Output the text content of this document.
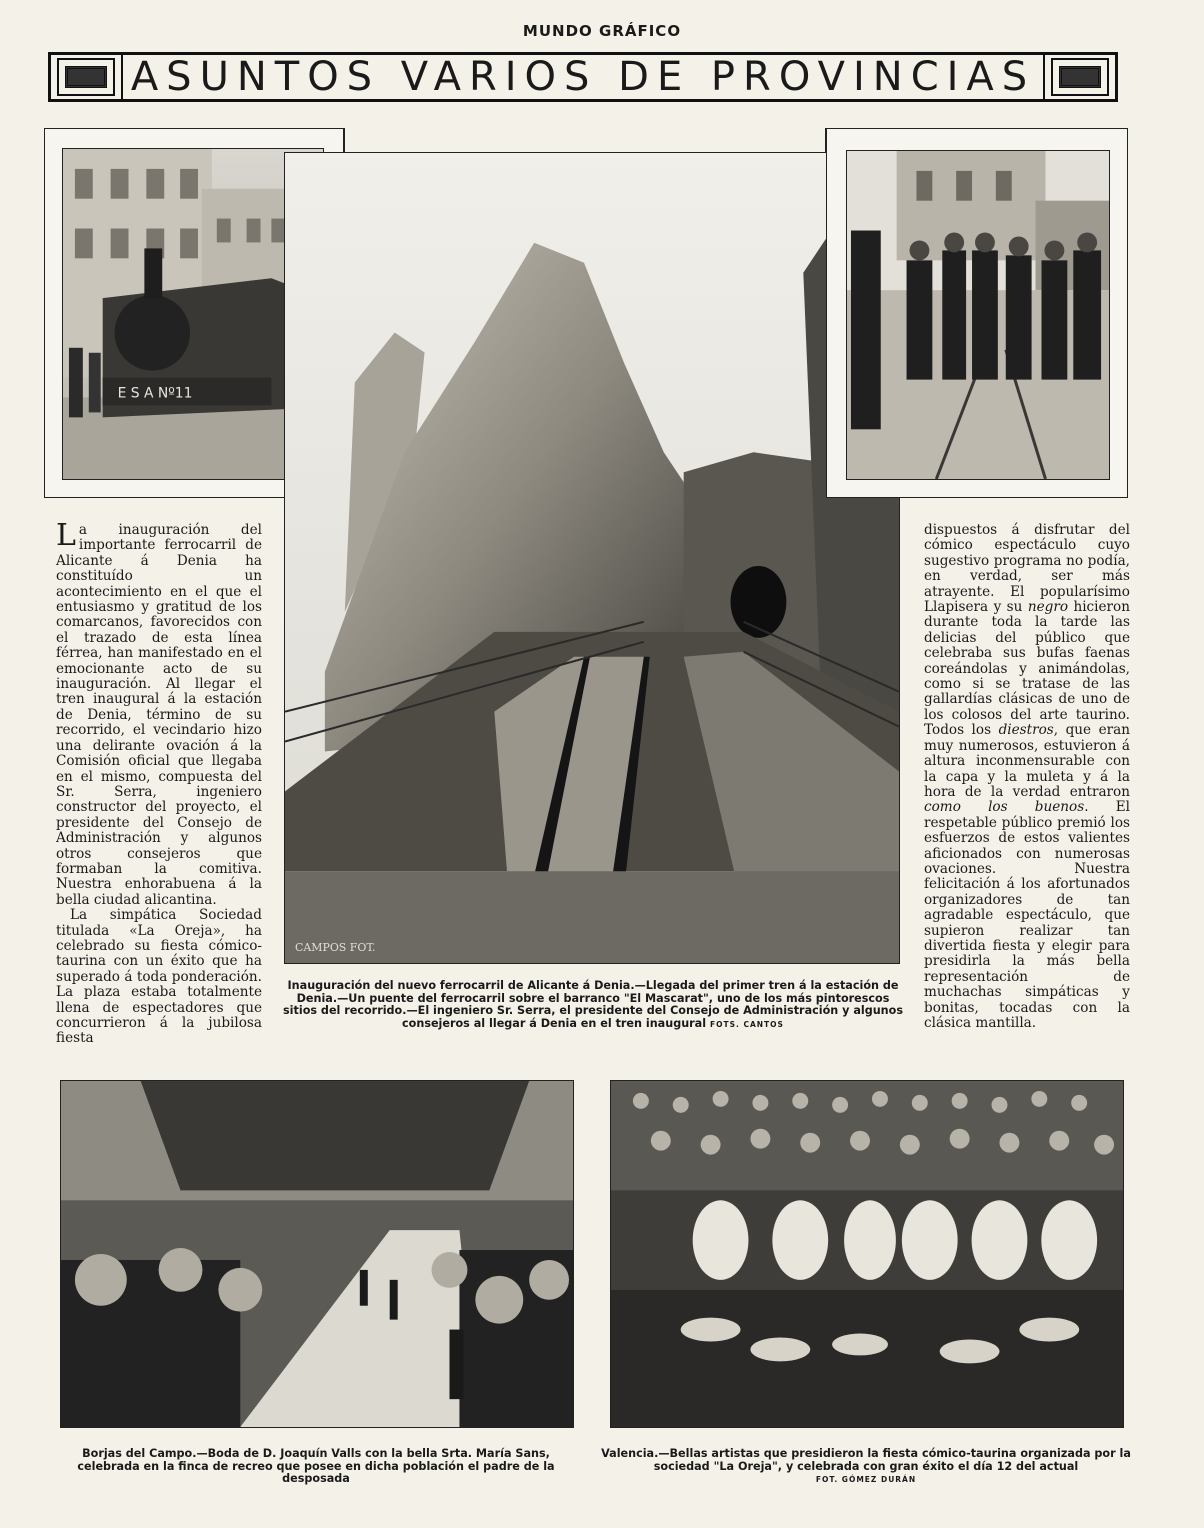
MUNDO GRÁFICO
ASUNTOS VARIOS DE PROVINCIAS
E S A Nº11
CAMPOS FOT.

La inauguración del importante ferrocarril de Alicante á Denia ha constituído un acontecimiento en el que el entusiasmo y gratitud de los comarcanos, favorecidos con el trazado de esta línea férrea, han manifestado en el emocionante acto de su inauguración. Al llegar el tren inaugural á la estación de Denia, término de su recorrido, el vecindario hizo una delirante ovación á la Comisión oficial que llegaba en el mismo, compuesta del Sr. Serra, ingeniero constructor del proyecto, el presidente del Consejo de Administración y algunos otros consejeros que formaban la comitiva. Nuestra enhorabuena á la bella ciudad alicantina.

La simpática Sociedad titulada «La Oreja», ha celebrado su fiesta cómico-taurina con un éxito que ha superado á toda ponderación. La plaza estaba totalmente llena de espectadores que concurrieron á la jubilosa fiesta

dispuestos á disfrutar del cómico espectáculo cuyo sugestivo programa no podía, en verdad, ser más atrayente. El popularísimo Llapisera y su negro hicieron durante toda la tarde las delicias del público que celebraba sus bufas faenas coreándolas y animándolas, como si se tratase de las gallardías clásicas de uno de los colosos del arte taurino. Todos los diestros, que eran muy numerosos, estuvieron á altura inconmensurable con la capa y la muleta y á la hora de la verdad entraron como los buenos. El respetable público premió los esfuerzos de estos valientes aficionados con numerosas ovaciones. Nuestra felicitación á los afortunados organizadores de tan agradable espectáculo, que supieron realizar tan divertida fiesta y elegir para presidirla la más bella representación de muchachas simpáticas y bonitas, tocadas con la clásica mantilla.

Inauguración del nuevo ferrocarril de Alicante á Denia.—Llegada del primer tren á la estación de Denia.—Un puente del ferrocarril sobre el barranco "El Mascarat", uno de los más pintorescos sitios del recorrido.—El ingeniero Sr. Serra, el presidente del Consejo de Administración y algunos consejeros al llegar á Denia en el tren inaugural FOTS. CANTOS
Borjas del Campo.—Boda de D. Joaquín Valls con la bella Srta. María Sans, celebrada en la finca de recreo que posee en dicha población el padre de la desposada
Valencia.—Bellas artistas que presidieron la fiesta cómico-taurina organizada por la sociedad "La Oreja", y celebrada con gran éxito el día 12 del actual
FOT. GÓMEZ DURÁN
